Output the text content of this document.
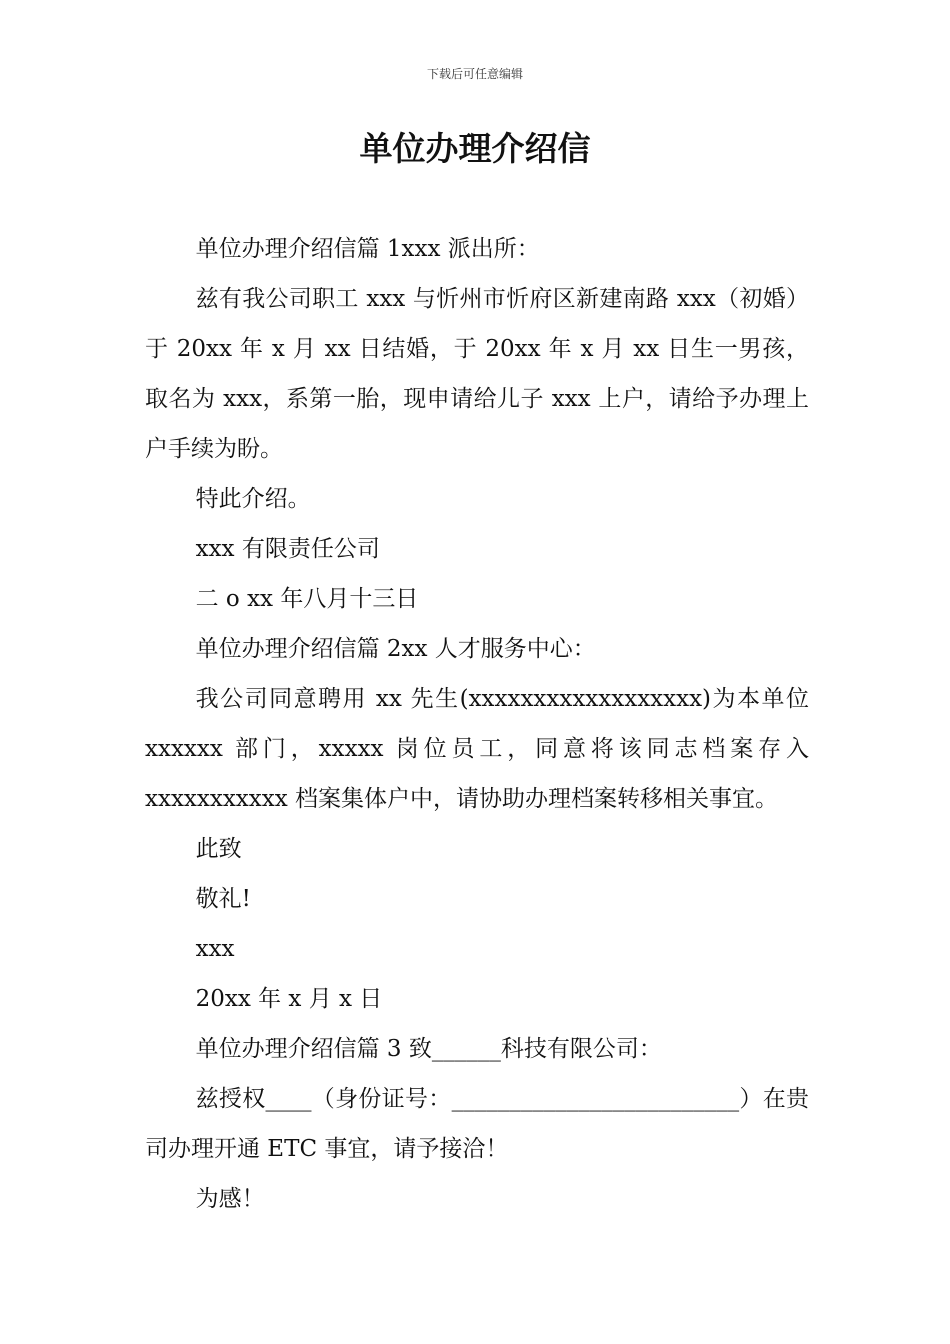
下载后可任意编辑
单位办理介绍信

单位办理介绍信篇 1xxx 派出所：

兹有我公司职工 xxx 与忻州市忻府区新建南路 xxx（初婚）于 20xx 年 x 月 xx 日结婚，于 20xx 年 x 月 xx 日生一男孩，取名为 xxx，系第一胎，现申请给儿子 xxx 上户，请给予办理上户手续为盼。

特此介绍。

xxx 有限责任公司

二 o xx 年八月十三日

单位办理介绍信篇 2xx 人才服务中心：

我公司同意聘用 xx 先生(xxxxxxxxxxxxxxxxxx)为本单位 xxxxxx 部门，xxxxx 岗位员工，同意将该同志档案存入 xxxxxxxxxxx 档案集体户中，请协助办理档案转移相关事宜。

此致

敬礼!

xxx

20xx 年 x 月 x 日

单位办理介绍信篇 3 致______科技有限公司：

兹授权____（身份证号：_________________________）在贵司办理开通 ETC 事宜，请予接洽！

为感！
